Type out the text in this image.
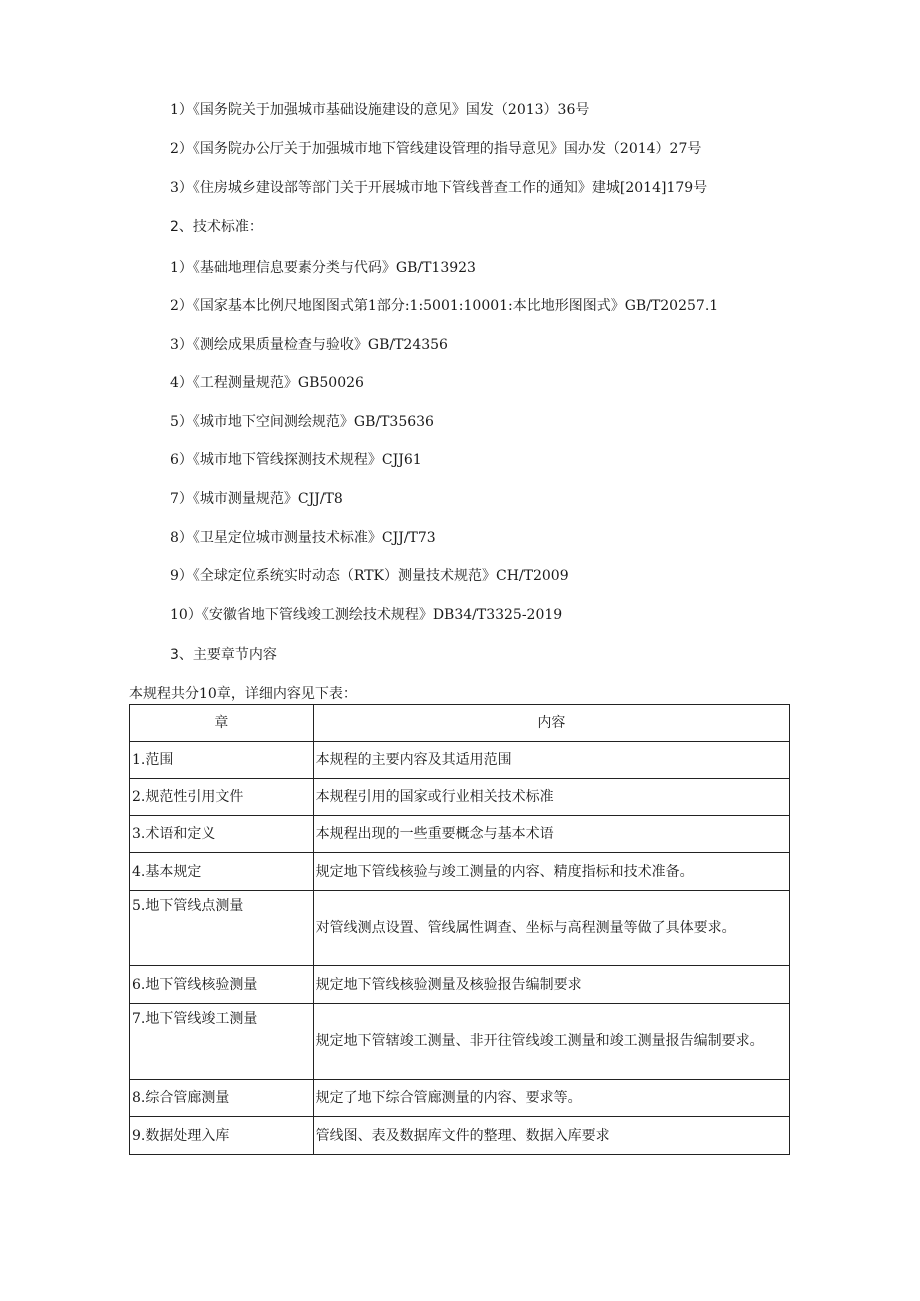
1）《国务院关于加强城市基础设施建设的意见》国发（2013）36号
2）《国务院办公厅关于加强城市地下管线建设管理的指导意见》国办发（2014）27号
3）《住房城乡建设部等部门关于开展城市地下管线普查工作的通知》建城[2014]179号
2、技术标准：
1）《基础地理信息要素分类与代码》GB/T13923
2）《国家基本比例尺地图图式第1部分:1:5001:10001:本比地形图图式》GB/T20257.1
3）《测绘成果质量检查与验收》GB/T24356
4）《工程测量规范》GB50026
5）《城市地下空间测绘规范》GB/T35636
6）《城市地下管线探测技术规程》CJJ61
7）《城市测量规范》CJJ/T8
8）《卫星定位城市测量技术标准》CJJ/T73
9）《全球定位系统实时动态（RTK）测量技术规范》CH/T2009
10）《安徽省地下管线竣工测绘技术规程》DB34/T3325-2019
3、主要章节内容
本规程共分10章，详细内容见下表：
章	内容
1.范围	本规程的主要内容及其适用范围
2.规范性引用文件	本规程引用的国家或行业相关技术标准
3.术语和定义	本规程出现的一些重要概念与基本术语
4.基本规定	规定地下管线核验与竣工测量的内容、精度指标和技术准备。
5.地下管线点测量	对管线测点设置、管线属性调查、坐标与高程测量等做了具体要求。
6.地下管线核验测量	规定地下管线核验测量及核验报告编制要求
7.地下管线竣工测量	规定地下管辖竣工测量、非开往管线竣工测量和竣工测量报告编制要求。
8.综合管廊测量	规定了地下综合管廊测量的内容、要求等。
9.数据处理入库	管线图、表及数据库文件的整理、数据入库要求
